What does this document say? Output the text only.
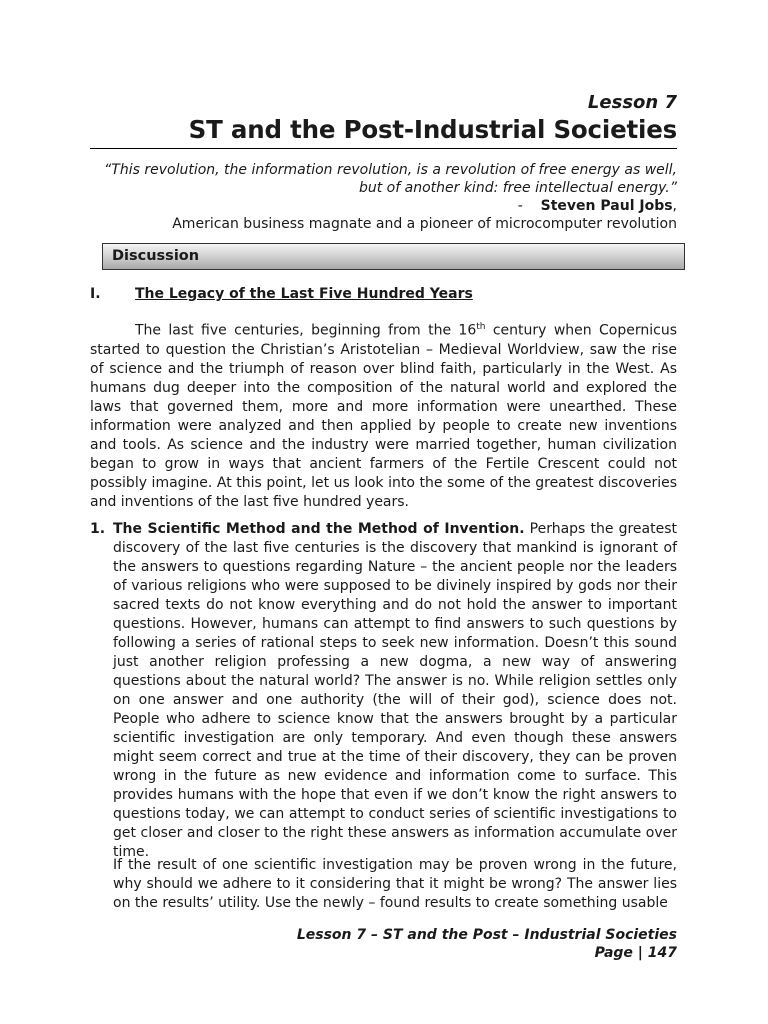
Lesson 7
ST and the Post-Industrial Societies
“This revolution, the information revolution, is a revolution of free energy as well,
but of another kind: free intellectual energy.”
- Steven Paul Jobs,
American business magnate and a pioneer of microcomputer revolution
Discussion
I. The Legacy of the Last Five Hundred Years

The last five centuries, beginning from the 16th century when Copernicus started to question the Christian’s Aristotelian – Medieval Worldview, saw the rise of science and the triumph of reason over blind faith, particularly in the West. As humans dug deeper into the composition of the natural world and explored the laws that governed them, more and more information were unearthed. These information were analyzed and then applied by people to create new inventions and tools. As science and the industry were married together, human civilization began to grow in ways that ancient farmers of the Fertile Crescent could not possibly imagine. At this point, let us look into the some of the greatest discoveries and inventions of the last five hundred years.

1. The Scientific Method and the Method of Invention. Perhaps the greatest discovery of the last five centuries is the discovery that mankind is ignorant of the answers to questions regarding Nature – the ancient people nor the leaders of various religions who were supposed to be divinely inspired by gods nor their sacred texts do not know everything and do not hold the answer to important questions. However, humans can attempt to find answers to such questions by following a series of rational steps to seek new information. Doesn’t this sound just another religion professing a new dogma, a new way of answering questions about the natural world? The answer is no. While religion settles only on one answer and one authority (the will of their god), science does not. People who adhere to science know that the answers brought by a particular scientific investigation are only temporary. And even though these answers might seem correct and true at the time of their discovery, they can be proven wrong in the future as new evidence and information come to surface. This provides humans with the hope that even if we don’t know the right answers to questions today, we can attempt to conduct series of scientific investigations to get closer and closer to the right these answers as information accumulate over time.

If the result of one scientific investigation may be proven wrong in the future, why should we adhere to it considering that it might be wrong? The answer lies on the results’ utility. Use the newly – found results to create something usable

Lesson 7 – ST and the Post – Industrial Societies
Page | 147
